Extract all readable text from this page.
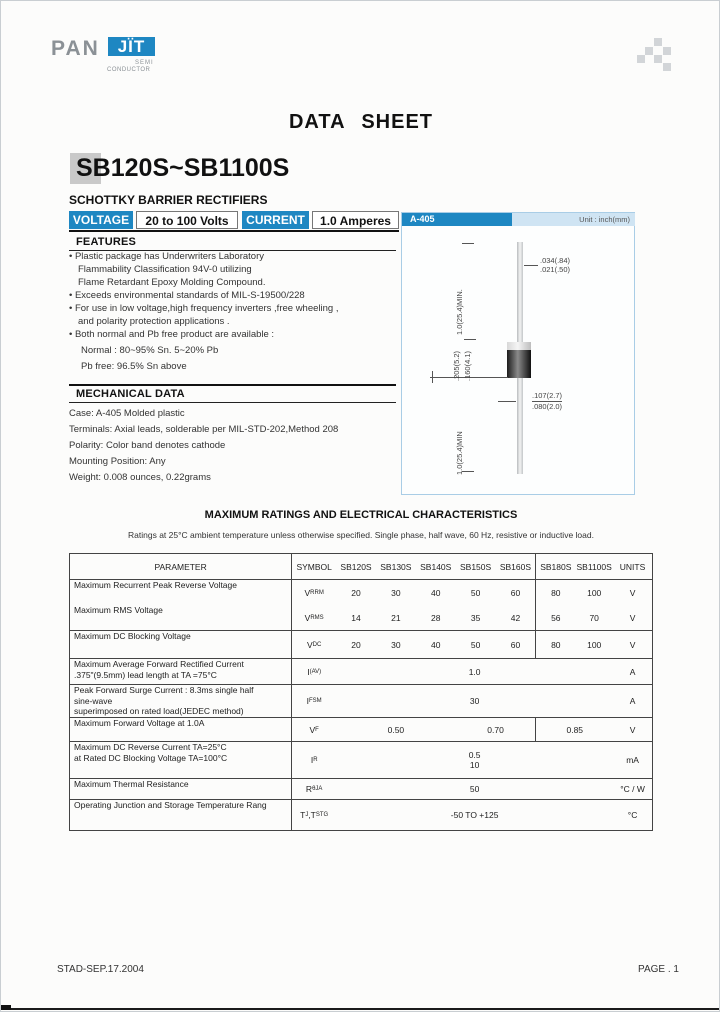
PAN	JÏT
SEMI
CONDUCTOR
DATA SHEET
SB120S~SB1100S
SCHOTTKY BARRIER RECTIFIERS
VOLTAGE	20 to 100 Volts	CURRENT	1.0 Amperes
FEATURES
• Plastic package has Underwriters Laboratory
Flammability Classification 94V-0 utilizing
Flame Retardant Epoxy Molding Compound.
• Exceeds environmental standards of MIL-S-19500/228
• For use in low voltage,high frequency inverters ,free wheeling ,
and polarity protection applications .
• Both normal and Pb free product are available :
Normal : 80~95% Sn. 5~20% Pb
Pb free: 96.5% Sn above
MECHANICAL DATA
Case: A-405 Molded plastic
Terminals: Axial leads, solderable per MIL-STD-202,Method 208
Polarity: Color band denotes cathode
Mounting Position: Any
Weight: 0.008 ounces, 0.22grams
A-405	Unit : inch(mm)
1.0(25.4)MIN.
.034(.84)
.021(.50)
.205(5.2) .160(4.1)
.107(2.7)
.080(2.0)
1.0(25.4)MIN
MAXIMUM RATINGS AND ELECTRICAL CHARACTERISTICS
Ratings at 25°C ambient temperature unless otherwise specified. Single phase, half wave, 60 Hz, resistive or inductive load.
PARAMETER	SYMBOL	SB120S	SB130S	SB140S	SB150S	SB160S	SB180S SB1100S UNITS
Maximum Recurrent Peak Reverse Voltage
V RRM	20	30	40	50	60	80	100	V
Maximum RMS Voltage
V RMS	14	21	28	35	42	56	70	V
Maximum DC Blocking Voltage
V DC	20	30	40	50	60	80	100	V
Maximum Average Forward Rectified Current
.375"(9.5mm) lead length at TA =75°C	I (AV)	1.0	A
Peak Forward Surge Current : 8.3ms single half
sine-wave
superimposed on rated load(JEDEC method)
I FSM	30	A
Maximum Forward Voltage at 1.0A
V F	0.50	0.70	0.85	V
Maximum DC Reverse Current TA=25°C
at Rated DC Blocking Voltage TA=100°C	I R	0.5
10	mA
Maximum Thermal Resistance	R θJA	50	°C / W
Operating Junction and Storage Temperature Rang
T J ,T STG	-50 TO +125	°C
STAD-SEP.17.2004	PAGE . 1
